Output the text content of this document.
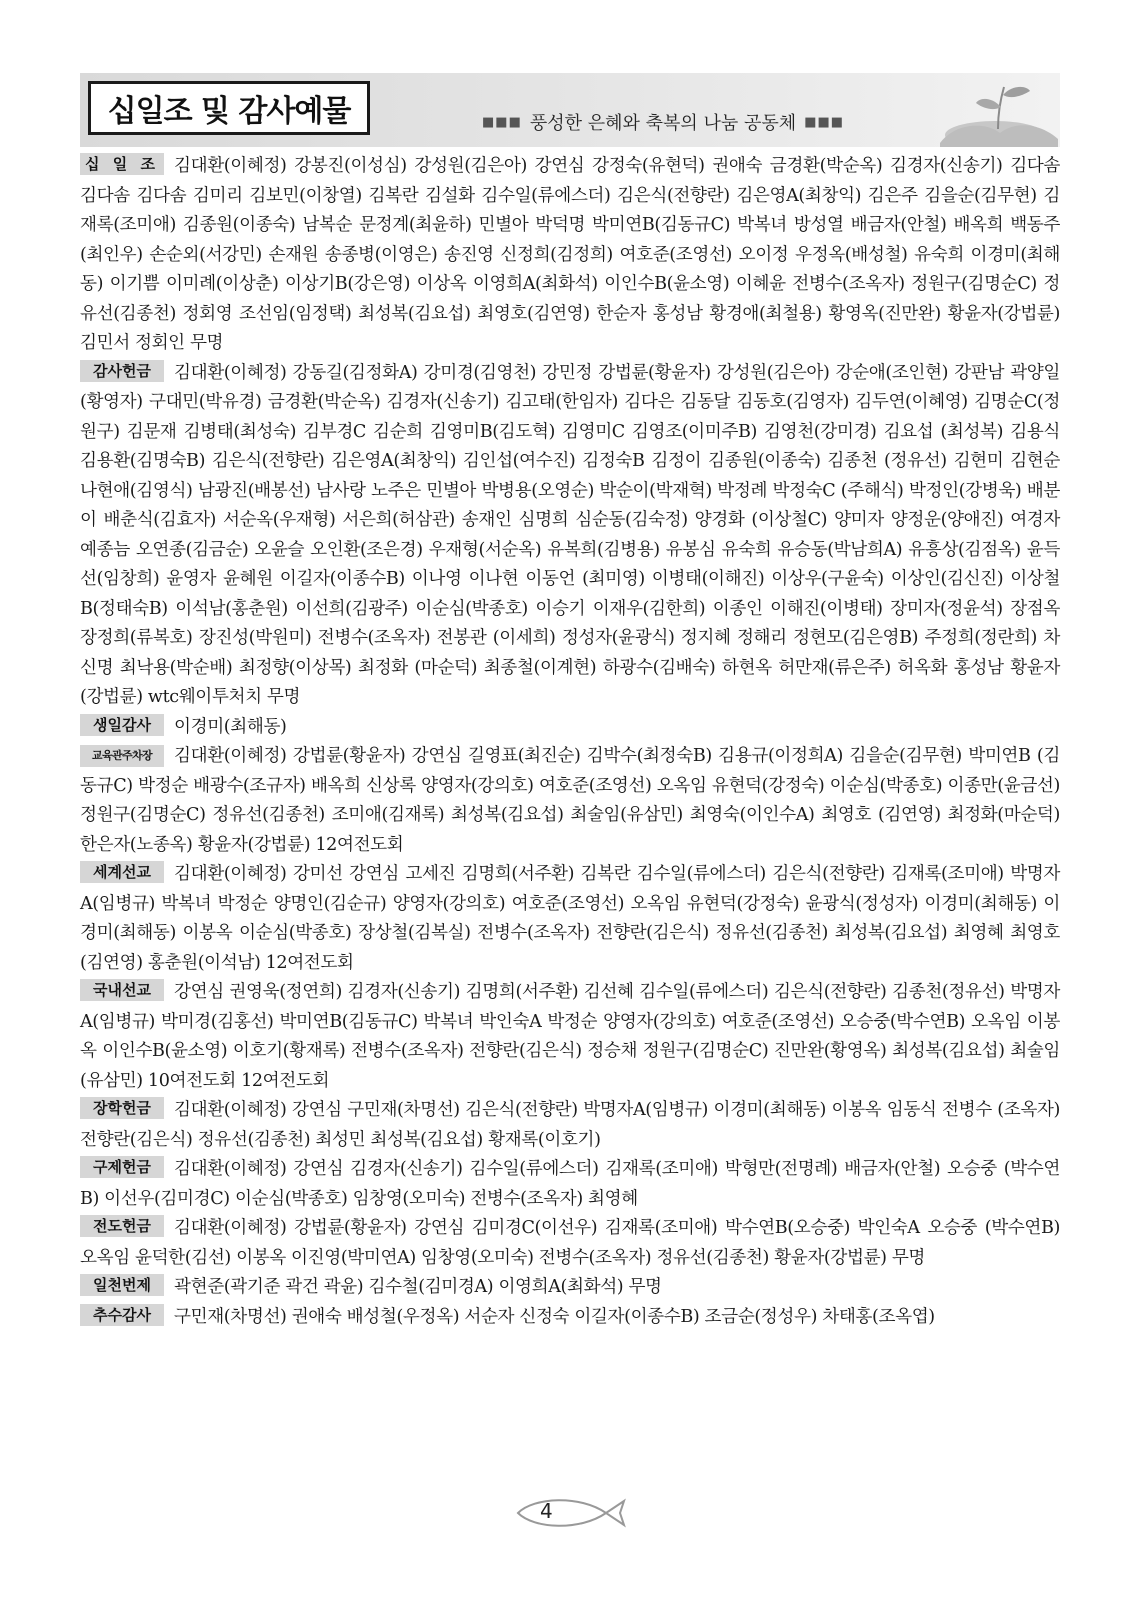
십일조 및 감사예물	■■■ 풍성한 은혜와 축복의 나눔 공동체 ■■■
십 일 조 김대환(이혜정) 강봉진(이성심) 강성원(김은아) 강연심 강정숙(유현덕) 권애숙 금경환(박순옥) 김경자(신송기) 김다솜 김다솜 김다솜 김미리 김보민(이창열) 김복란 김설화 김수일(류에스더) 김은식(전향란) 김은영A(최창익) 김은주 김을순(김무현) 김재록(조미애) 김종원(이종숙) 남복순 문정계(최윤하) 민별아 박덕명 박미연B(김동규C) 박복녀 방성열 배금자(안철) 배옥희 백동주(최인우) 손순외(서강민) 손재원 송종병(이영은) 송진영 신정희(김정희) 여호준(조영선) 오이정 우정옥(배성철) 유숙희 이경미(최해동) 이기쁨 이미례(이상춘) 이상기B(강은영) 이상옥 이영희A(최화석) 이인수B(윤소영) 이혜윤 전병수(조옥자) 정원구(김명순C) 정유선(김종천) 정회영 조선임(임정택) 최성복(김요섭) 최영호(김연영) 한순자 홍성남 황경애(최철용) 황영옥(진만완) 황윤자(강법륜) 김민서 정회인 무명
감사헌금 김대환(이혜정) 강동길(김정화A) 강미경(김영천) 강민정 강법륜(황윤자) 강성원(김은아) 강순애(조인현) 강판남 곽양일(황영자) 구대민(박유경) 금경환(박순옥) 김경자(신송기) 김고태(한임자) 김다은 김동달 김동호(김영자) 김두연(이혜영) 김명순C(정원구) 김문재 김병태(최성숙) 김부경C 김순희 김영미B(김도혁) 김영미C 김영조(이미주B) 김영천(강미경) 김요섭 (최성복) 김용식 김용환(김명숙B) 김은식(전향란) 김은영A(최창익) 김인섭(여수진) 김정숙B 김정이 김종원(이종숙) 김종천 (정유선) 김현미 김현순 나현애(김영식) 남광진(배봉선) 남사랑 노주은 민별아 박병용(오영순) 박순이(박재혁) 박정례 박정숙C (주해식) 박정인(강병욱) 배분이 배춘식(김효자) 서순옥(우재형) 서은희(허삼관) 송재인 심명희 심순동(김숙정) 양경화 (이상철C) 양미자 양정운(양애진) 여경자 예종늠 오연종(김금순) 오윤슬 오인환(조은경) 우재형(서순옥) 유복희(김병용) 유봉심 유숙희 유승동(박남희A) 유흥상(김점옥) 윤득선(임창희) 윤영자 윤혜원 이길자(이종수B) 이나영 이나현 이동언 (최미영) 이병태(이해진) 이상우(구윤숙) 이상인(김신진) 이상철B(정태숙B) 이석남(홍춘원) 이선희(김광주) 이순심(박종호) 이승기 이재우(김한희) 이종인 이해진(이병태) 장미자(정윤석) 장점옥 장정희(류복호) 장진성(박원미) 전병수(조옥자) 전봉관 (이세희) 정성자(윤광식) 정지혜 정해리 정현모(김은영B) 주정희(정란희) 차신명 최낙용(박순배) 최정향(이상목) 최정화 (마순덕) 최종철(이계현) 하광수(김배숙) 하현옥 허만재(류은주) 허옥화 홍성남 황윤자(강법륜) wtc웨이투처치 무명
생일감사 이경미(최해동)
교육관주차장 김대환(이혜정) 강법륜(황윤자) 강연심 길영표(최진순) 김박수(최정숙B) 김용규(이정희A) 김을순(김무현) 박미연B (김동규C) 박정순 배광수(조규자) 배옥희 신상록 양영자(강의호) 여호준(조영선) 오옥임 유현덕(강정숙) 이순심(박종호) 이종만(윤금선) 정원구(김명순C) 정유선(김종천) 조미애(김재록) 최성복(김요섭) 최술임(유삼민) 최영숙(이인수A) 최영호 (김연영) 최정화(마순덕) 한은자(노종옥) 황윤자(강법륜) 12여전도회
세계선교 김대환(이혜정) 강미선 강연심 고세진 김명희(서주환) 김복란 김수일(류에스더) 김은식(전향란) 김재록(조미애) 박명자A(임병규) 박복녀 박정순 양명인(김순규) 양영자(강의호) 여호준(조영선) 오옥임 유현덕(강정숙) 윤광식(정성자) 이경미(최해동) 이경미(최해동) 이봉옥 이순심(박종호) 장상철(김복실) 전병수(조옥자) 전향란(김은식) 정유선(김종천) 최성복(김요섭) 최영혜 최영호(김연영) 홍춘원(이석남) 12여전도회
국내선교 강연심 권영욱(정연희) 김경자(신송기) 김명희(서주환) 김선혜 김수일(류에스더) 김은식(전향란) 김종천(정유선) 박명자A(임병규) 박미경(김홍선) 박미연B(김동규C) 박복녀 박인숙A 박정순 양영자(강의호) 여호준(조영선) 오승중(박수연B) 오옥임 이봉옥 이인수B(윤소영) 이호기(황재록) 전병수(조옥자) 전향란(김은식) 정승채 정원구(김명순C) 진만완(황영옥) 최성복(김요섭) 최술임(유삼민) 10여전도회 12여전도회
장학헌금 김대환(이혜정) 강연심 구민재(차명선) 김은식(전향란) 박명자A(임병규) 이경미(최해동) 이봉옥 임동식 전병수 (조옥자) 전향란(김은식) 정유선(김종천) 최성민 최성복(김요섭) 황재록(이호기)
구제헌금 김대환(이혜정) 강연심 김경자(신송기) 김수일(류에스더) 김재록(조미애) 박형만(전명례) 배금자(안철) 오승중 (박수연B) 이선우(김미경C) 이순심(박종호) 임창영(오미숙) 전병수(조옥자) 최영혜
전도헌금 김대환(이혜정) 강법륜(황윤자) 강연심 김미경C(이선우) 김재록(조미애) 박수연B(오승중) 박인숙A 오승중 (박수연B) 오옥임 윤덕한(김선) 이봉옥 이진영(박미연A) 임창영(오미숙) 전병수(조옥자) 정유선(김종천) 황윤자(강법륜) 무명
일천번제 곽현준(곽기준 곽건 곽윤) 김수철(김미경A) 이영희A(최화석) 무명
추수감사 구민재(차명선) 권애숙 배성철(우정옥) 서순자 신정숙 이길자(이종수B) 조금순(정성우) 차태홍(조옥엽)
4
